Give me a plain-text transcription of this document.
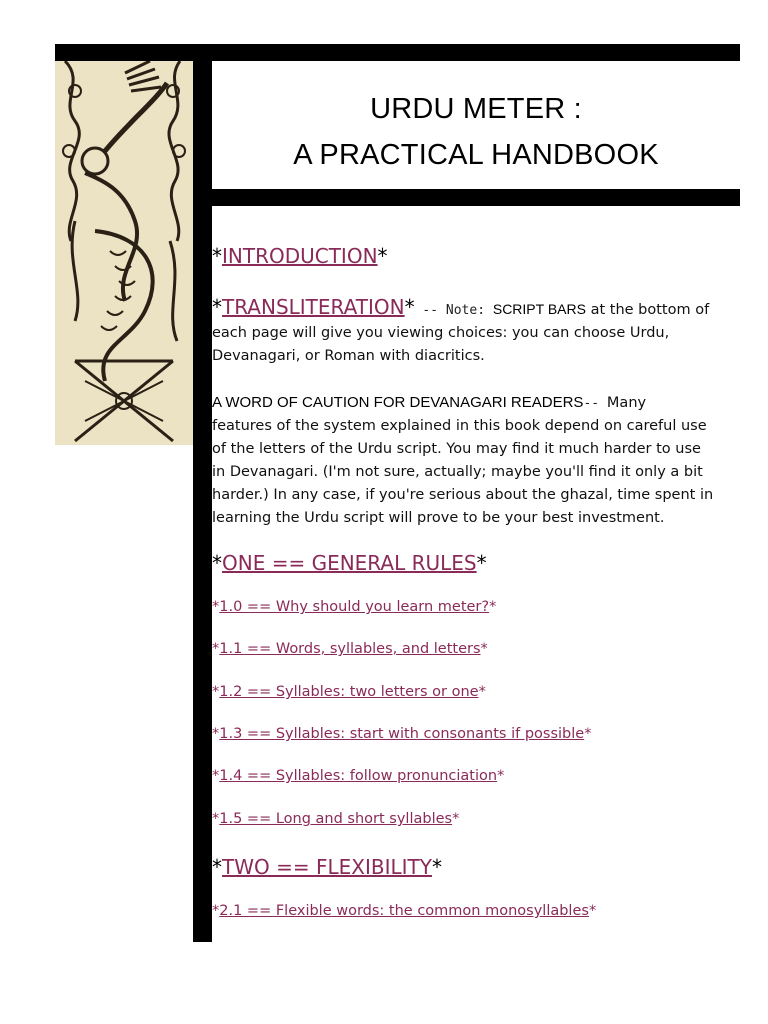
URDU METER :
A PRACTICAL HANDBOOK
*INTRODUCTION*
*TRANSLITERATION* -- Note: SCRIPT BARS at the bottom of
each page will give you viewing choices: you can choose Urdu,
Devanagari, or Roman with diacritics.
A WORD OF CAUTION FOR DEVANAGARI READERS-- Many
features of the system explained in this book depend on careful use
of the letters of the Urdu script. You may find it much harder to use
in Devanagari. (I'm not sure, actually; maybe you'll find it only a bit
harder.) In any case, if you're serious about the ghazal, time spent in
learning the Urdu script will prove to be your best investment.
*ONE == GENERAL RULES*
*1.0 == Why should you learn meter?*
*1.1 == Words, syllables, and letters*
*1.2 == Syllables: two letters or one*
*1.3 == Syllables: start with consonants if possible*
*1.4 == Syllables: follow pronunciation*
*1.5 == Long and short syllables*
*TWO == FLEXIBILITY*
*2.1 == Flexible words: the common monosyllables*
